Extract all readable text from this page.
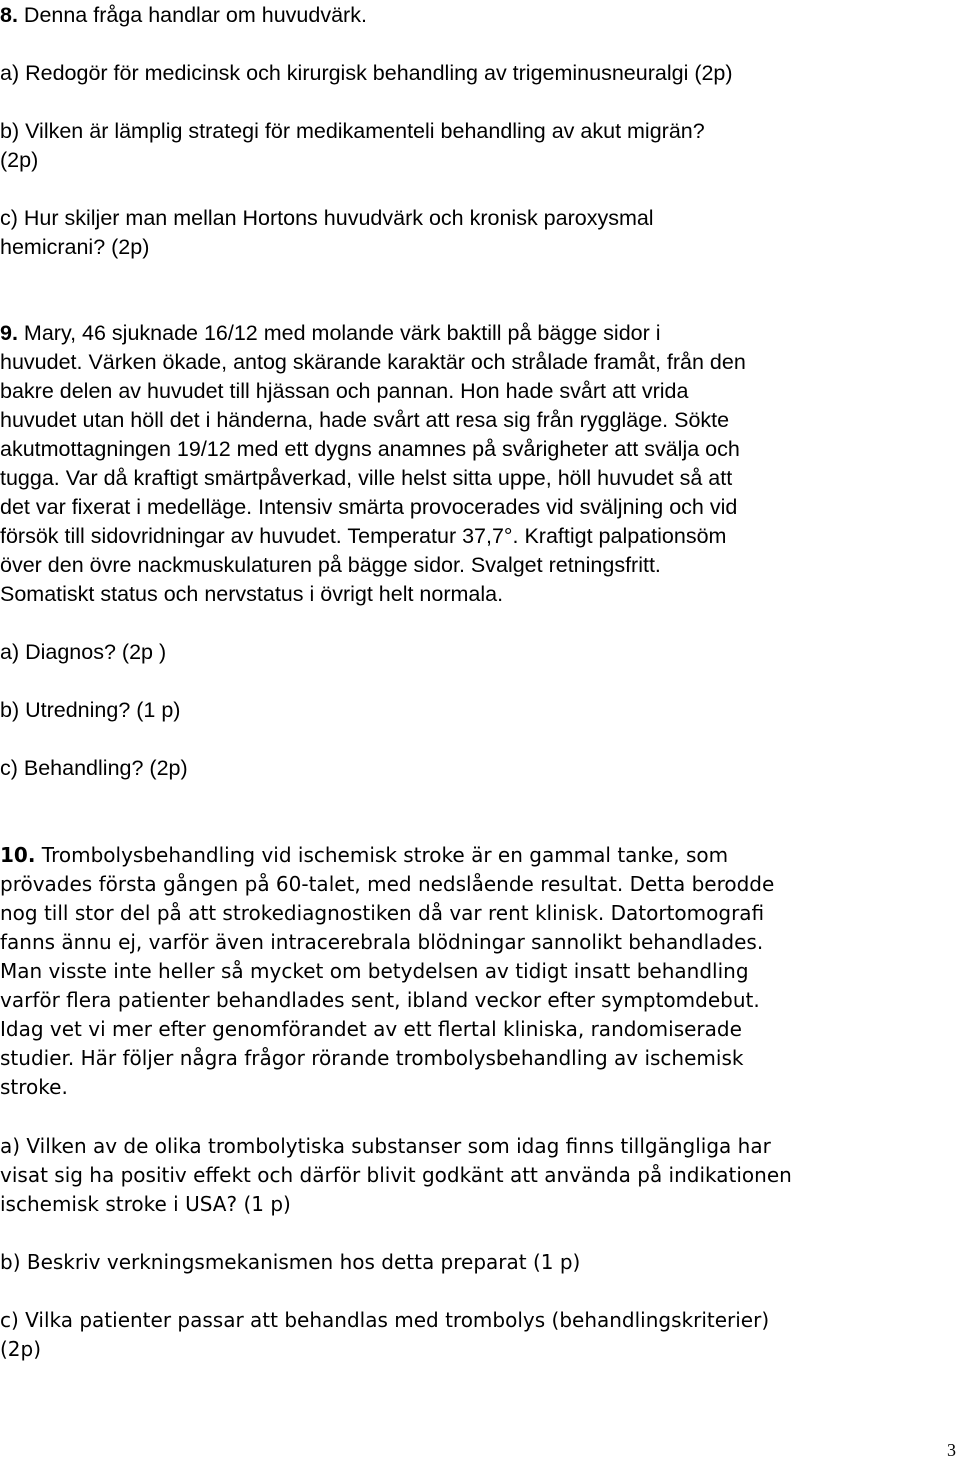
8. Denna fråga handlar om huvudvärk.

a) Redogör för medicinsk och kirurgisk behandling av trigeminusneuralgi (2p)

b) Vilken är lämplig strategi för medikamenteli behandling av akut migrän?

(2p)

c) Hur skiljer man mellan Hortons huvudvärk och kronisk paroxysmal

hemicrani? (2p)

9. Mary, 46 sjuknade 16/12 med molande värk baktill på bägge sidor i

huvudet. Värken ökade, antog skärande karaktär och strålade framåt, från den

bakre delen av huvudet till hjässan och pannan. Hon hade svårt att vrida

huvudet utan höll det i händerna, hade svårt att resa sig från ryggläge. Sökte

akutmottagningen 19/12 med ett dygns anamnes på svårigheter att svälja och

tugga. Var då kraftigt smärtpåverkad, ville helst sitta uppe, höll huvudet så att

det var fixerat i medelläge. Intensiv smärta provocerades vid sväljning och vid

försök till sidovridningar av huvudet. Temperatur 37,7°. Kraftigt palpationsöm

över den övre nackmuskulaturen på bägge sidor. Svalget retningsfritt.

Somatiskt status och nervstatus i övrigt helt normala.

a) Diagnos? (2p )

b) Utredning? (1 p)

c) Behandling? (2p)

10. Trombolysbehandling vid ischemisk stroke är en gammal tanke, som

prövades första gången på 60-talet, med nedslående resultat. Detta berodde

nog till stor del på att strokediagnostiken då var rent klinisk. Datortomografi

fanns ännu ej, varför även intracerebrala blödningar sannolikt behandlades.

Man visste inte heller så mycket om betydelsen av tidigt insatt behandling

varför flera patienter behandlades sent, ibland veckor efter symptomdebut.

Idag vet vi mer efter genomförandet av ett flertal kliniska, randomiserade

studier. Här följer några frågor rörande trombolysbehandling av ischemisk

stroke.

a) Vilken av de olika trombolytiska substanser som idag finns tillgängliga har

visat sig ha positiv effekt och därför blivit godkänt att använda på indikationen

ischemisk stroke i USA? (1 p)

b) Beskriv verkningsmekanismen hos detta preparat (1 p)

c) Vilka patienter passar att behandlas med trombolys (behandlingskriterier)

(2p)

3
